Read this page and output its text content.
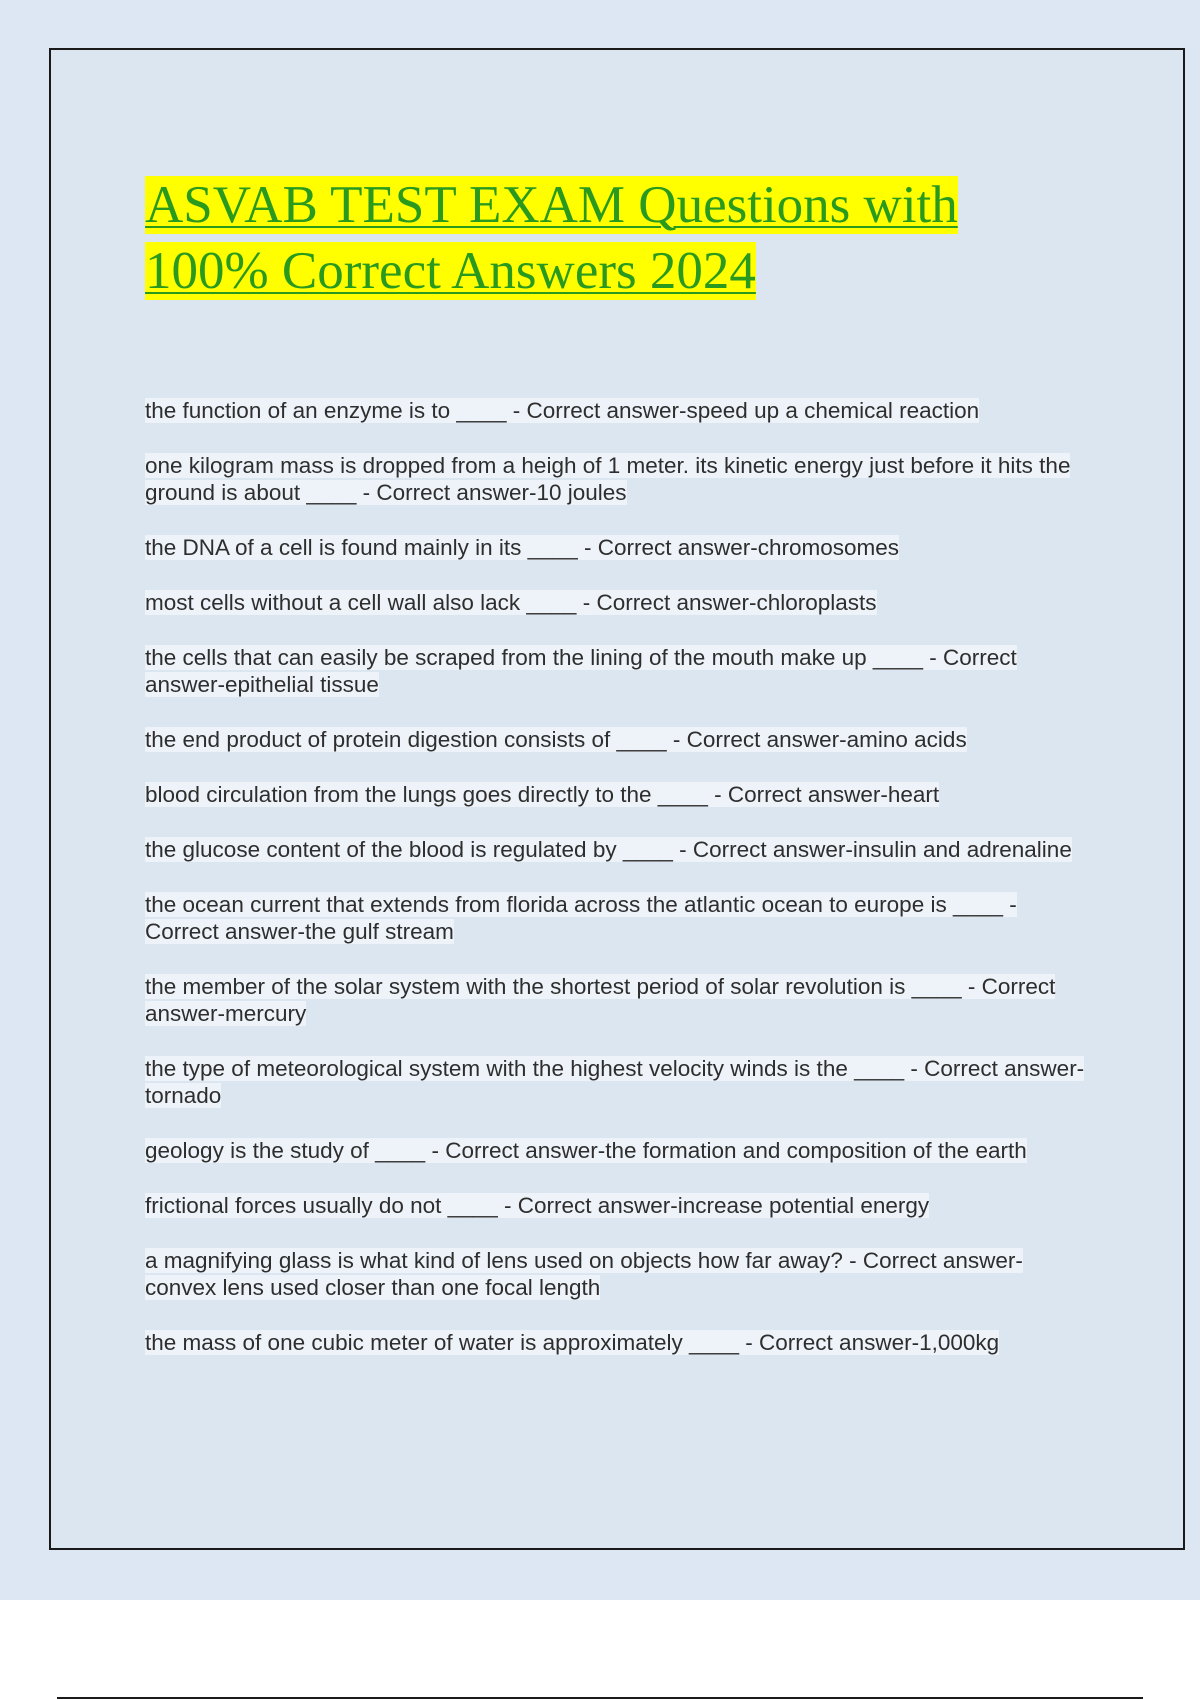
ASVAB TEST EXAM Questions with 100% Correct Answers 2024
the function of an enzyme is to ____ - Correct answer-speed up a chemical reaction
one kilogram mass is dropped from a heigh of 1 meter. its kinetic energy just before it hits the ground is about ____ - Correct answer-10 joules
the DNA of a cell is found mainly in its ____ - Correct answer-chromosomes
most cells without a cell wall also lack ____ - Correct answer-chloroplasts
the cells that can easily be scraped from the lining of the mouth make up ____ - Correct answer-epithelial tissue
the end product of protein digestion consists of ____ - Correct answer-amino acids
blood circulation from the lungs goes directly to the ____ - Correct answer-heart
the glucose content of the blood is regulated by ____ - Correct answer-insulin and adrenaline
the ocean current that extends from florida across the atlantic ocean to europe is ____ - Correct answer-the gulf stream
the member of the solar system with the shortest period of solar revolution is ____ - Correct answer-mercury
the type of meteorological system with the highest velocity winds is the ____ - Correct answer-tornado
geology is the study of ____ - Correct answer-the formation and composition of the earth
frictional forces usually do not ____ - Correct answer-increase potential energy
a magnifying glass is what kind of lens used on objects how far away? - Correct answer-convex lens used closer than one focal length
the mass of one cubic meter of water is approximately ____ - Correct answer-1,000kg
